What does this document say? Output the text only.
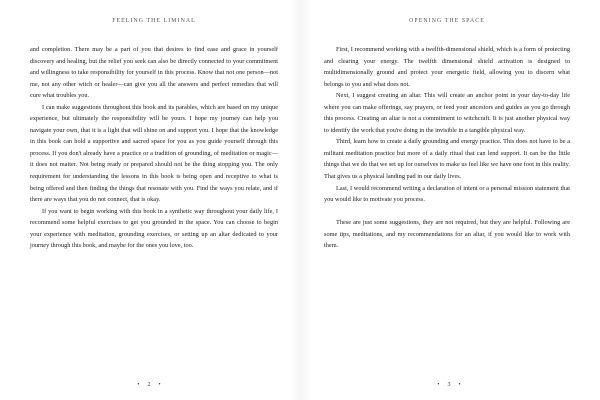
FEELING THE LIMINAL

and completion. There may be a part of you that desires to find ease and grace in yourself discovery and healing, but the relief you seek can also be directly connected to your commitment and willingness to take responsibility for yourself in this process. Know that not one person—not me, not any other witch or healer—can give you all the answers and perfect remedies that will cure what troubles you.

I can make suggestions throughout this book and its parables, which are based on my unique experience, but ultimately the responsibility will be yours. I hope my journey can help you navigate your own, that it is a light that will shine on and support you. I hope that the knowledge in this book can hold a supportive and sacred space for you as you guide yourself through this process. If you don't already have a practice or a tradition of grounding, of meditation or magic—it does not matter. Not being ready or prepared should not be the thing stopping you. The only requirement for understanding the lessons in this book is being open and receptive to what is being offered and then finding the things that resonate with you. Find the ways you relate, and if there are ways that you do not connect, that is okay.

If you want to begin working with this book in a synthetic way throughout your daily life, I recommend some helpful exercises to get you grounded in the space. You can choose to begin your experience with meditation, grounding exercises, or setting up an altar dedicated to your journey through this book, and maybe for the ones you love, too.

• 2 •
OPENING THE SPACE

First, I recommend working with a twelfth-dimensional shield, which is a form of protecting and clearing your energy. The twelfth dimensional shield activation is designed to multidimensionally ground and protect your energetic field, allowing you to discern what belongs to you and what does not.

Next, I suggest creating an altar. This will create an anchor point in your day-to-day life where you can make offerings, say prayers, or feed your ancestors and guides as you go through this process. Creating an altar is not a commitment to witchcraft. It is just another physical way to identify the work that you're doing in the invisible in a tangible physical way.

Third, learn how to create a daily grounding and energy practice. This does not have to be a militant meditation practice but more of a daily ritual that can lend support. It can be the little things that we do that we set up for ourselves to make us feel like we have one foot in this reality. That gives us a physical landing pad in our daily lives.

Last, I would recommend writing a declaration of intent or a personal mission statement that you would like to motivate you process.

These are just some suggestions, they are not required, but they are helpful. Following are some tips, meditations, and my recommendations for an altar, if you would like to work with them.

• 3 •
